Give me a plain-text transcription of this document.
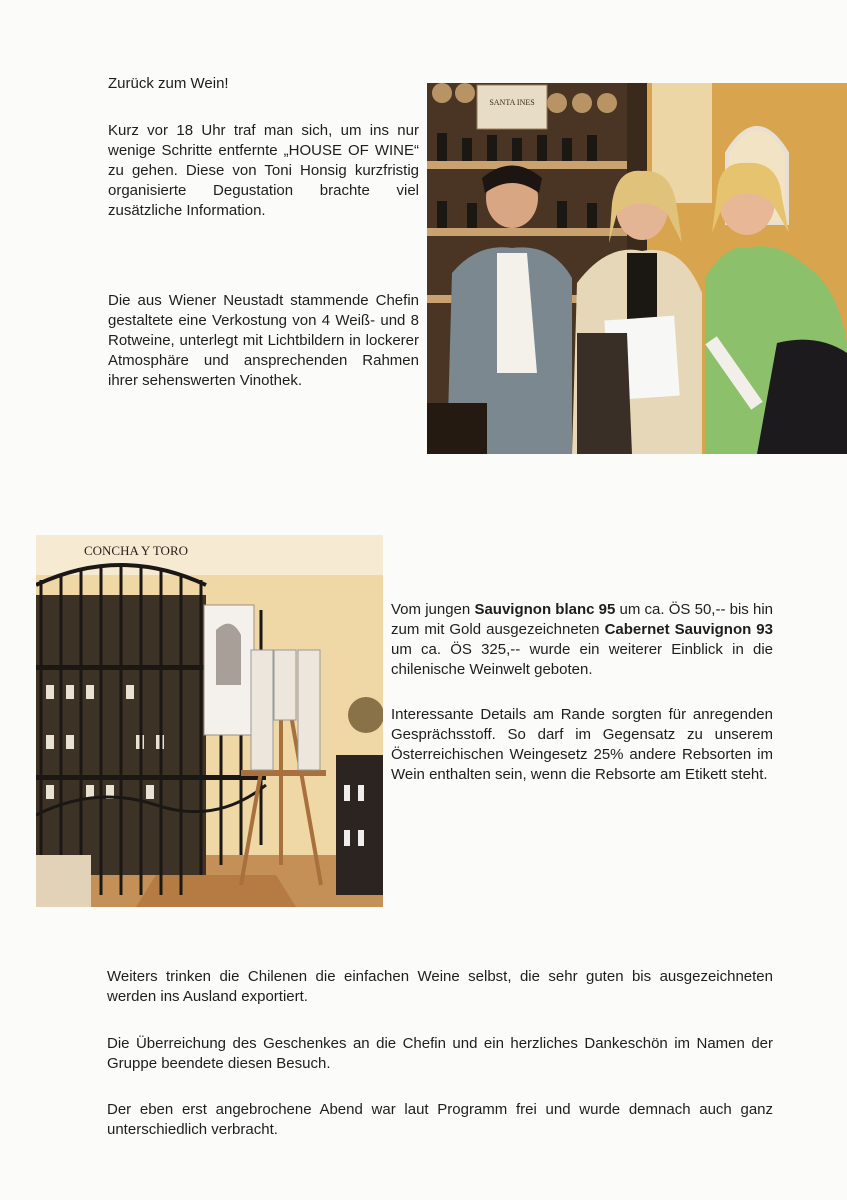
Zurück zum Wein!

Kurz vor 18 Uhr traf man sich, um ins nur wenige Schritte entfernte „HOUSE OF WINE“ zu gehen. Diese von Toni Honsig kurzfristig organisierte Degustation brachte viel zusätzliche Information.

Die aus Wiener Neustadt stammende Chefin gestaltete eine Verkostung von 4 Weiß- und 8 Rotweine, unterlegt mit Lichtbildern in lockerer Atmosphäre und ansprechenden Rahmen ihrer sehenswerten Vinothek.

SANTA INES
CONCHA Y TORO

Vom jungen Sauvignon blanc 95 um ca. ÖS 50,-- bis hin zum mit Gold ausgezeichneten Cabernet Sauvignon 93 um ca. ÖS 325,-- wurde ein weiterer Einblick in die chilenische Weinwelt geboten.

Interessante Details am Rande sorgten für anregenden Gesprächsstoff. So darf im Gegensatz zu unserem Österreichischen Weingesetz 25% andere Rebsorten im Wein enthalten sein, wenn die Rebsorte am Etikett steht.

Weiters trinken die Chilenen die einfachen Weine selbst, die sehr guten bis ausgezeichneten werden ins Ausland exportiert.

Die Überreichung des Geschenkes an die Chefin und ein herzliches Dankeschön im Namen der Gruppe beendete diesen Besuch.

Der eben erst angebrochene Abend war laut Programm frei und wurde demnach auch ganz unterschiedlich verbracht.
